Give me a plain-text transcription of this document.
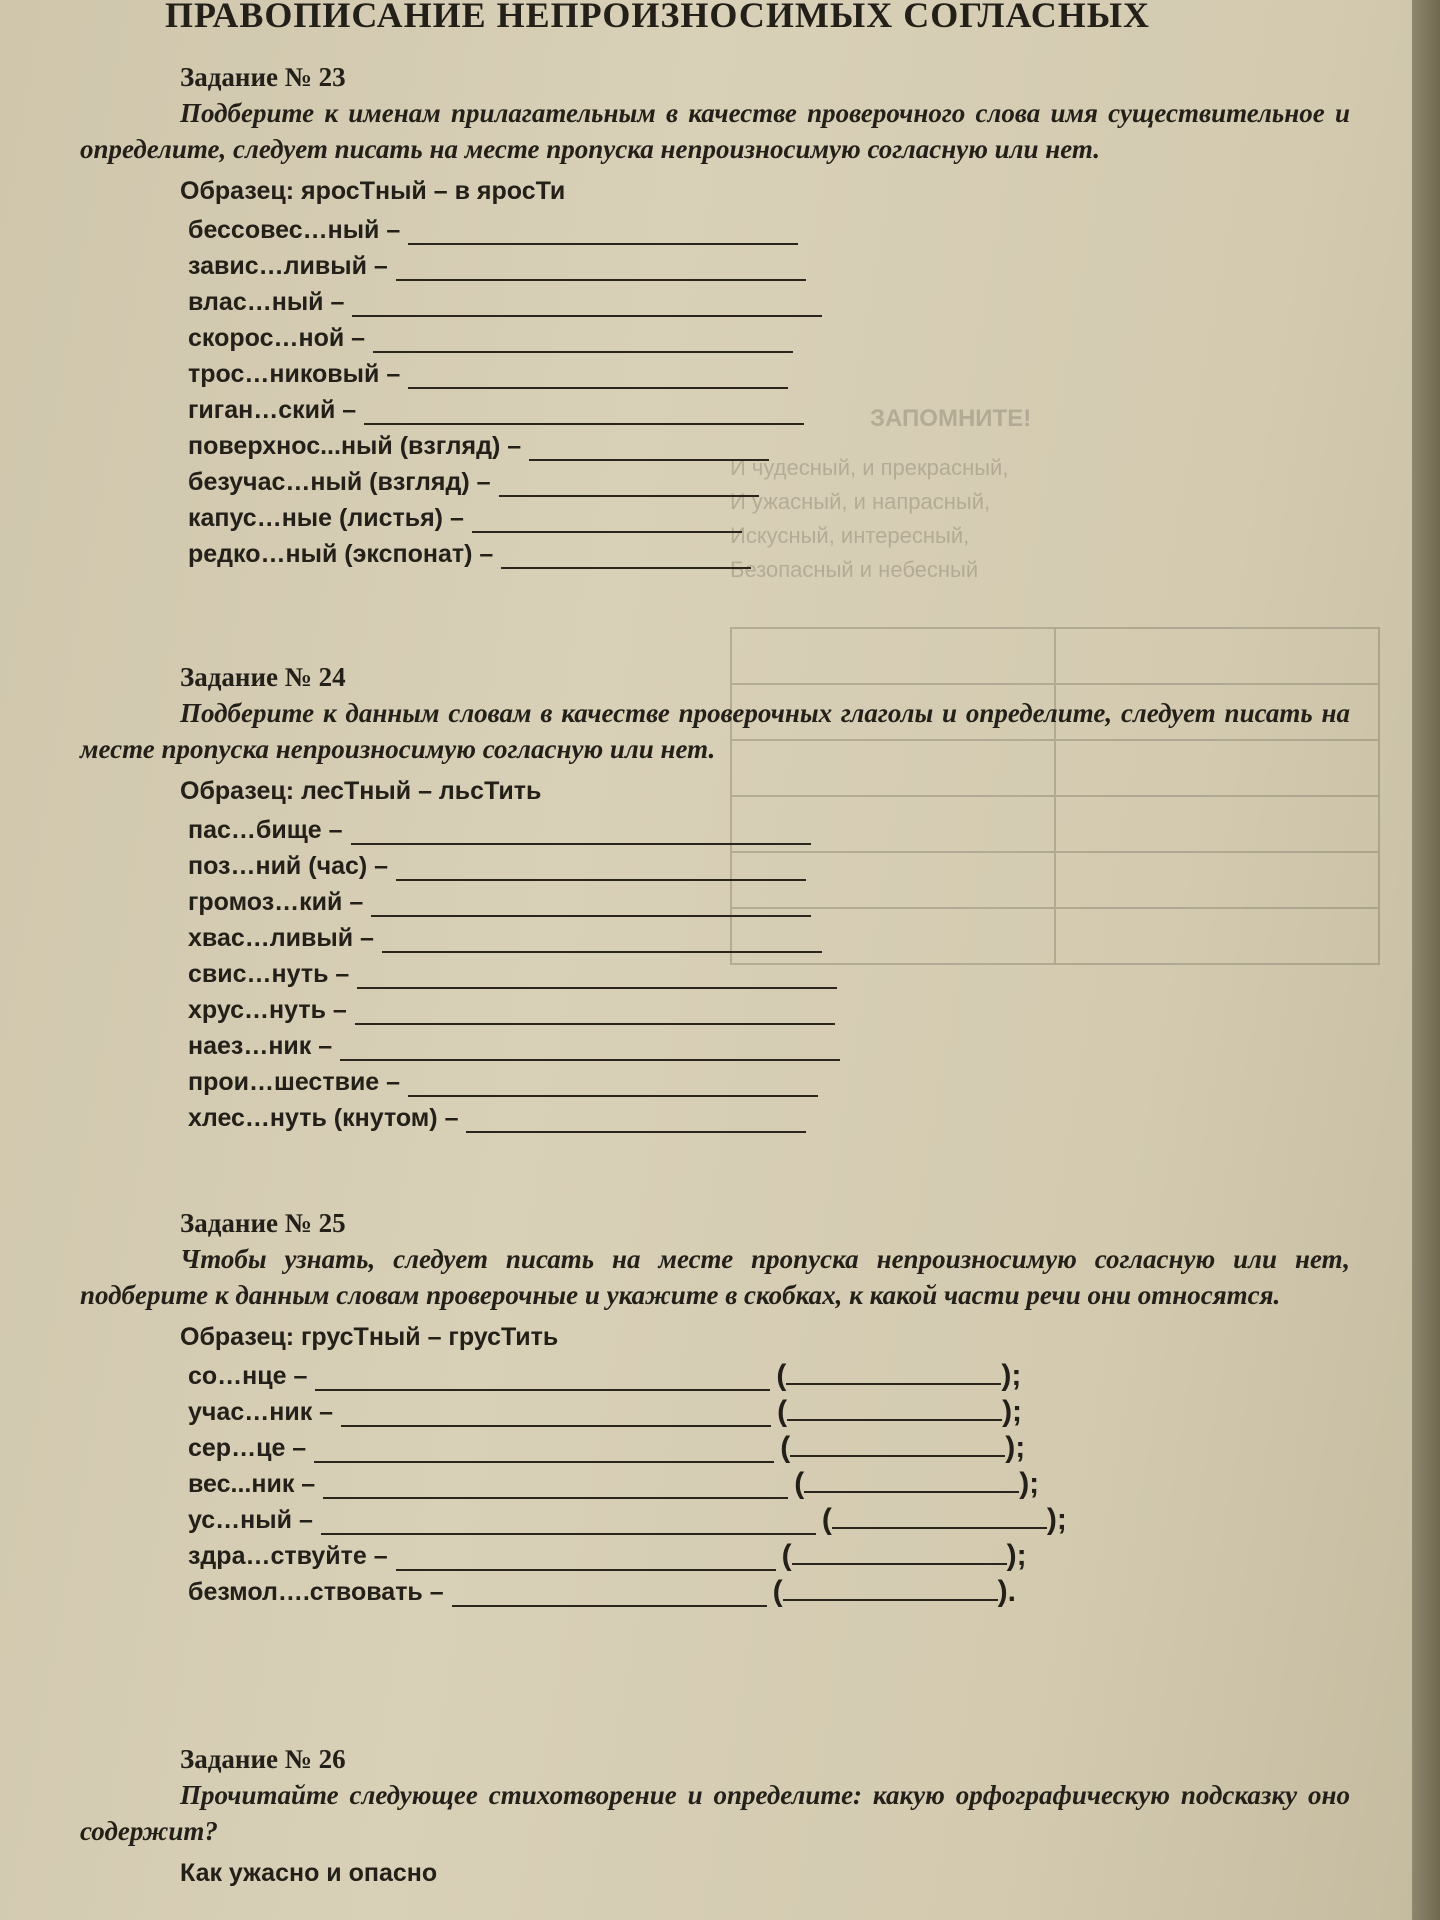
ЗАПОМНИТЕ!
И чудесный, и прекрасный,
И ужасный, и напрасный,
Искусный, интересный,
Безопасный и небесный

ПРАВОПИСАНИЕ НЕПРОИЗНОСИМЫХ СОГЛАСНЫХ
Задание № 23

Подберите к именам прилагательным в качестве проверочного слова имя существительное и определите, следует писать на месте пропуска непроизносимую согласную или нет.

Образец: яросТный – в яросТи
бессовес…ный –
завис…ливый –
влас…ный –
скорос…ной –
трос…никовый –
гиган…ский –
поверхнос...ный (взгляд) –
безучас…ный (взгляд) –
капус…ные (листья) –
редко…ный (экспонат) –
Задание № 24

Подберите к данным словам в качестве проверочных глаголы и определите, следует писать на месте пропуска непроизносимую согласную или нет.

Образец: лесТный – льсТить
пас…бище –
поз…ний (час) –
громоз…кий –
хвас…ливый –
свис…нуть –
хрус…нуть –
наез…ник –
прои…шествие –
хлес…нуть (кнутом) –
Задание № 25

Чтобы узнать, следует писать на месте пропуска непроизносимую согласную или нет, подберите к данным словам проверочные и укажите в скобках, к какой части речи они относятся.

Образец: грусТный – грусТить
со…нце –	(	);
учас…ник –	(	);
сер…це –	(	);
вес...ник –	(	);
ус…ный –	(	);
здра…ствуйте –	(	);
безмол….ствовать –	(	).
Задание № 26

Прочитайте следующее стихотворение и определите: какую орфографическую подсказку оно содержит?

Как ужасно и опасно
